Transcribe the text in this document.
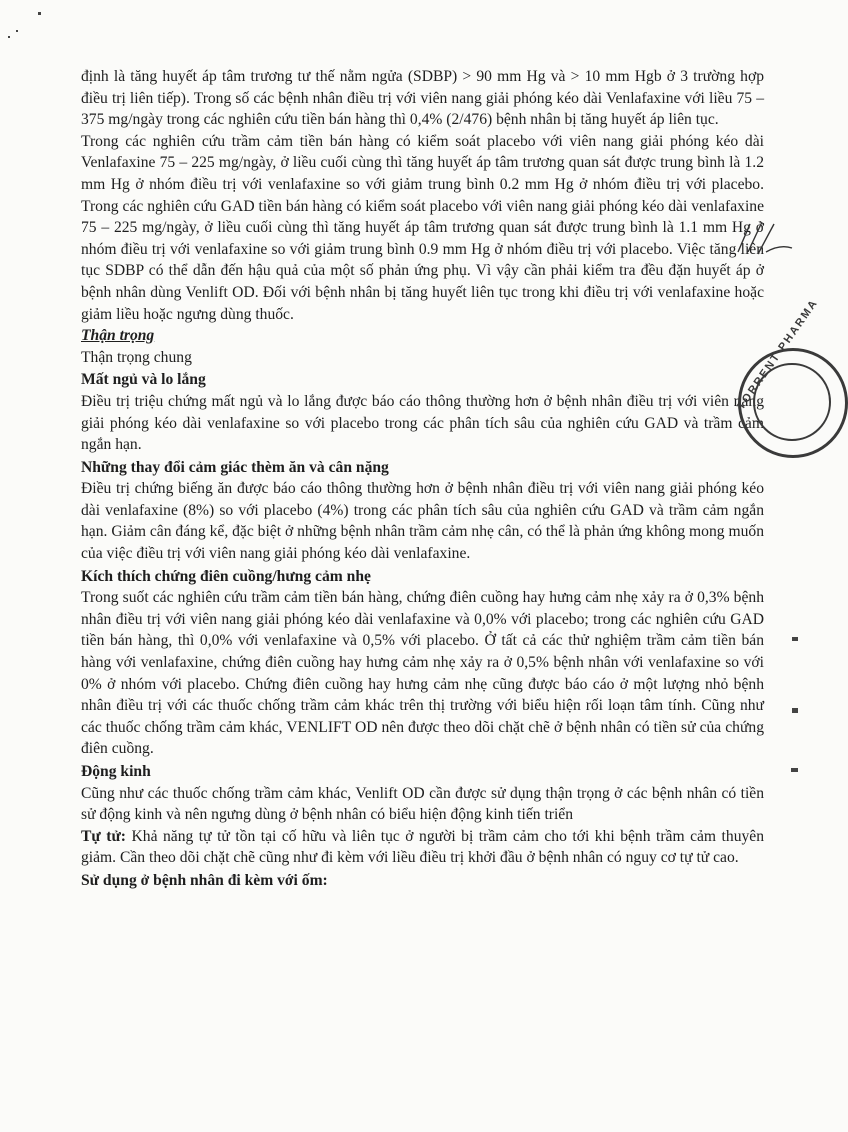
định là tăng huyết áp tâm trương tư thế nằm ngửa (SDBP) > 90 mm Hg và > 10 mm Hgb ở 3 trường hợp điều trị liên tiếp). Trong số các bệnh nhân điều trị với viên nang giải phóng kéo dài Venlafaxine với liều 75 – 375 mg/ngày trong các nghiên cứu tiền bán hàng thì 0,4% (2/476) bệnh nhân bị tăng huyết áp liên tục.

Trong các nghiên cứu trầm cảm tiền bán hàng có kiểm soát placebo với viên nang giải phóng kéo dài Venlafaxine 75 – 225 mg/ngày, ở liều cuối cùng thì tăng huyết áp tâm trương quan sát được trung bình là 1.2 mm Hg ở nhóm điều trị với venlafaxine so với giảm trung bình 0.2 mm Hg ở nhóm điều trị với placebo. Trong các nghiên cứu GAD tiền bán hàng có kiểm soát placebo với viên nang giải phóng kéo dài venlafaxine 75 – 225 mg/ngày, ở liều cuối cùng thì tăng huyết áp tâm trương quan sát được trung bình là 1.1 mm Hg ở nhóm điều trị với venlafaxine so với giảm trung bình 0.9 mm Hg ở nhóm điều trị với placebo. Việc tăng liên tục SDBP có thể dẫn đến hậu quả của một số phản ứng phụ. Vì vậy cần phải kiểm tra đều đặn huyết áp ở bệnh nhân dùng Venlift OD. Đối với bệnh nhân bị tăng huyết liên tục trong khi điều trị với venlafaxine hoặc giảm liều hoặc ngưng dùng thuốc.

Thận trọng

Thận trọng chung

Mất ngủ và lo lắng

Điều trị triệu chứng mất ngủ và lo lắng được báo cáo thông thường hơn ở bệnh nhân điều trị với viên nang giải phóng kéo dài venlafaxine so với placebo trong các phân tích sâu của nghiên cứu GAD và trầm cảm ngắn hạn.

Những thay đổi cảm giác thèm ăn và cân nặng

Điều trị chứng biếng ăn được báo cáo thông thường hơn ở bệnh nhân điều trị với viên nang giải phóng kéo dài venlafaxine (8%) so với placebo (4%) trong các phân tích sâu của nghiên cứu GAD và trầm cảm ngắn hạn. Giảm cân đáng kể, đặc biệt ở những bệnh nhân trầm cảm nhẹ cân, có thể là phản ứng không mong muốn của việc điều trị với viên nang giải phóng kéo dài venlafaxine.

Kích thích chứng điên cuồng/hưng cảm nhẹ

Trong suốt các nghiên cứu trầm cảm tiền bán hàng, chứng điên cuồng hay hưng cảm nhẹ xảy ra ở 0,3% bệnh nhân điều trị với viên nang giải phóng kéo dài venlafaxine và 0,0% với placebo; trong các nghiên cứu GAD tiền bán hàng, thì 0,0% với venlafaxine và 0,5% với placebo. Ở tất cả các thử nghiệm trầm cảm tiền bán hàng với venlafaxine, chứng điên cuồng hay hưng cảm nhẹ xảy ra ở 0,5% bệnh nhân với venlafaxine so với 0% ở nhóm với placebo. Chứng điên cuồng hay hưng cảm nhẹ cũng được báo cáo ở một lượng nhỏ bệnh nhân điều trị với các thuốc chống trầm cảm khác trên thị trường với biểu hiện rối loạn tâm tính. Cũng như các thuốc chống trầm cảm khác, VENLIFT OD nên được theo dõi chặt chẽ ở bệnh nhân có tiền sử của chứng điên cuồng.

Động kinh

Cũng như các thuốc chống trầm cảm khác, Venlift OD cần được sử dụng thận trọng ở các bệnh nhân có tiền sử động kinh và nên ngưng dùng ở bệnh nhân có biểu hiện động kinh tiến triển

Tự tử: Khả năng tự tử tồn tại cố hữu và liên tục ở người bị trầm cảm cho tới khi bệnh trầm cảm thuyên giảm. Cần theo dõi chặt chẽ cũng như đi kèm với liều điều trị khởi đầu ở bệnh nhân có nguy cơ tự tử cao.

Sử dụng ở bệnh nhân đi kèm với ốm:

TORRENT PHARMA
